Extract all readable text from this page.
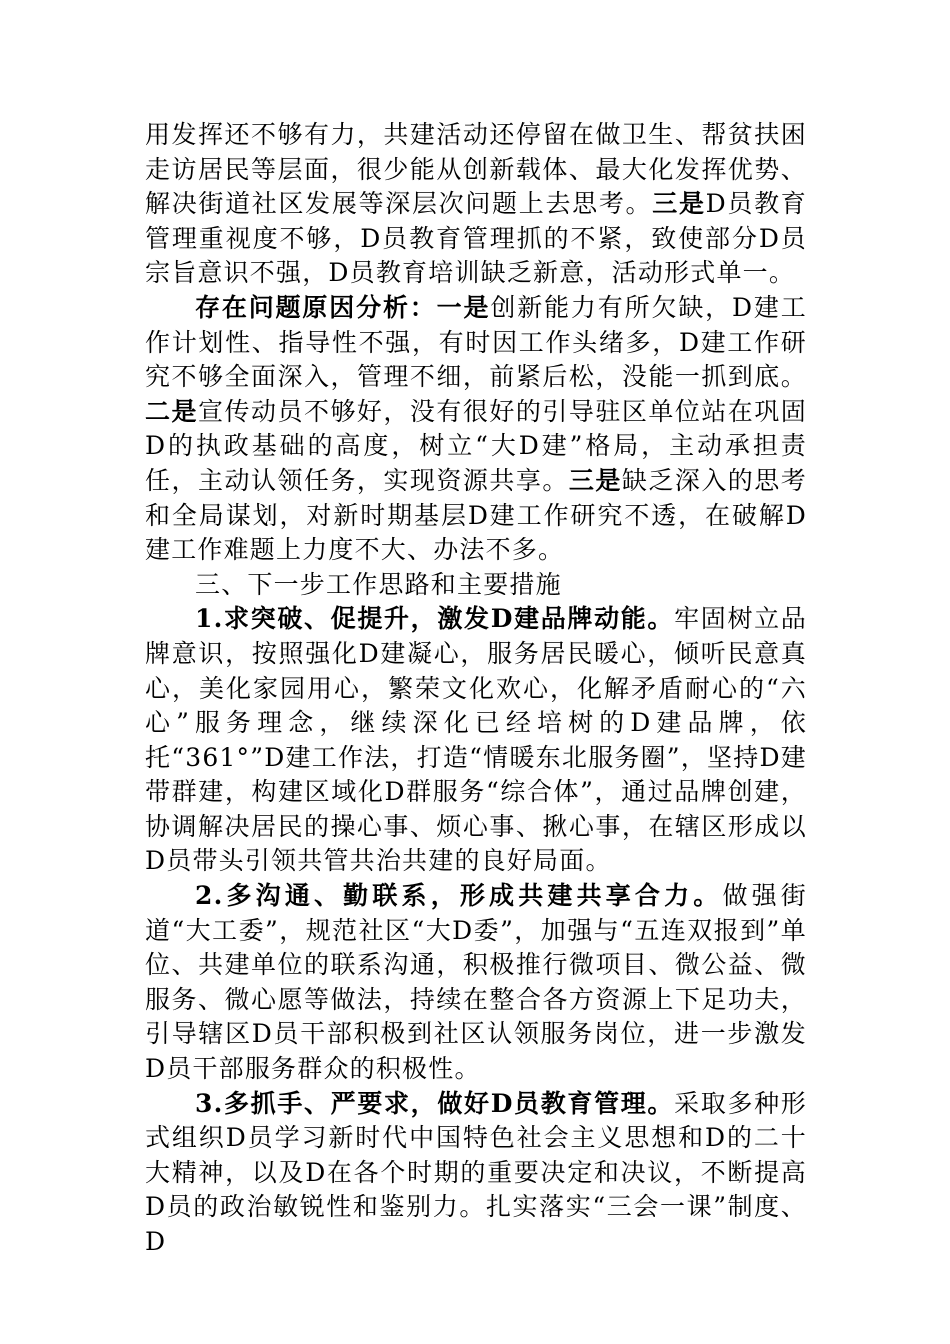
用发挥还不够有力，共建活动还停留在做卫生、帮贫扶困走访居民等层面，很少能从创新载体、最大化发挥优势、解决街道社区发展等深层次问题上去思考。三是D员教育管理重视度不够，D员教育管理抓的不紧，致使部分D员宗旨意识不强，D员教育培训缺乏新意，活动形式单一。

存在问题原因分析：一是创新能力有所欠缺，D建工作计划性、指导性不强，有时因工作头绪多，D建工作研究不够全面深入，管理不细，前紧后松，没能一抓到底。二是宣传动员不够好，没有很好的引导驻区单位站在巩固D的执政基础的高度，树立“大D建”格局，主动承担责任，主动认领任务，实现资源共享。三是缺乏深入的思考和全局谋划，对新时期基层D建工作研究不透，在破解D建工作难题上力度不大、办法不多。

三、下一步工作思路和主要措施

1.求突破、促提升，激发D建品牌动能。牢固树立品牌意识，按照强化D建凝心，服务居民暖心，倾听民意真心，美化家园用心，繁荣文化欢心，化解矛盾耐心的“六心”服务理念，继续深化已经培树的D建品牌，依托“361°”D建工作法，打造“情暖东北服务圈”，坚持D建带群建，构建区域化D群服务“综合体”，通过品牌创建，协调解决居民的操心事、烦心事、揪心事，在辖区形成以D员带头引领共管共治共建的良好局面。

2.多沟通、勤联系，形成共建共享合力。做强街道“大工委”，规范社区“大D委”，加强与“五连双报到”单位、共建单位的联系沟通，积极推行微项目、微公益、微服务、微心愿等做法，持续在整合各方资源上下足功夫，引导辖区D员干部积极到社区认领服务岗位，进一步激发D员干部服务群众的积极性。

3.多抓手、严要求，做好D员教育管理。采取多种形式组织D员学习新时代中国特色社会主义思想和D的二十大精神，以及D在各个时期的重要决定和决议，不断提高D员的政治敏锐性和鉴别力。扎实落实“三会一课”制度、D
